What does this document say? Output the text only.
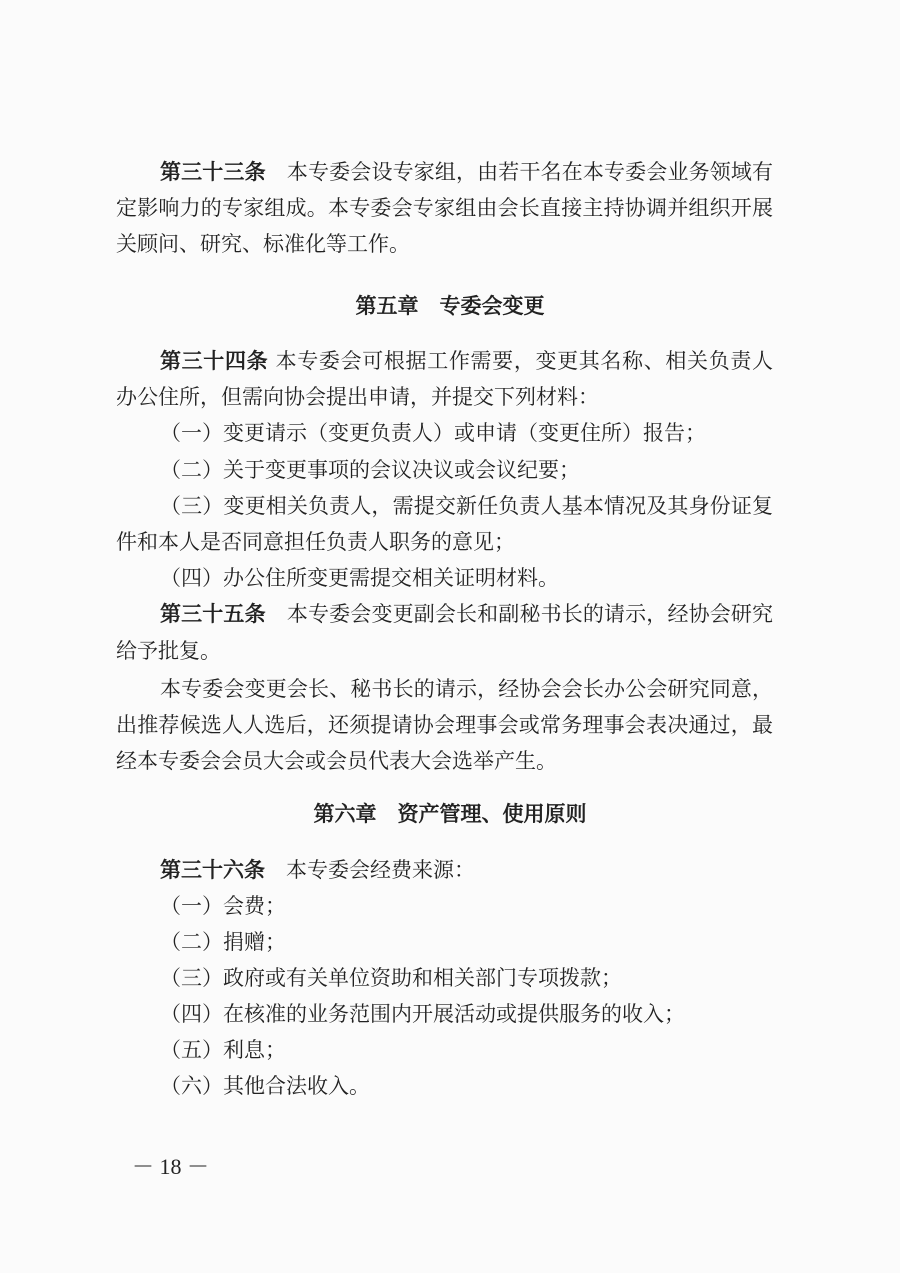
第三十三条　 本专委会设专家组，由若干名在本专委会业务领域有
定影响力的专家组成。本专委会专家组由会长直接主持协调并组织开展
关顾问、研究、标准化等工作。
第五章　专委会变更
第三十四条 本专委会可根据工作需要，变更其名称、相关负责人
办公住所，但需向协会提出申请，并提交下列材料：
（一）变更请示（变更负责人）或申请（变更住所）报告；
（二）关于变更事项的会议决议或会议纪要；
（三）变更相关负责人，需提交新任负责人基本情况及其身份证复
件和本人是否同意担任负责人职务的意见；
（四）办公住所变更需提交相关证明材料。
第三十五条　 本专委会变更副会长和副秘书长的请示，经协会研究
给予批复。
本专委会变更会长、秘书长的请示，经协会会长办公会研究同意，
出推荐候选人人选后，还须提请协会理事会或常务理事会表决通过，最
经本专委会会员大会或会员代表大会选举产生。
第六章　资产管理、使用原则
第三十六条　 本专委会经费来源：
（一）会费；
（二）捐赠；
（三）政府或有关单位资助和相关部门专项拨款；
（四）在核准的业务范围内开展活动或提供服务的收入；
（五）利息；
（六）其他合法收入。
－ 18 －
